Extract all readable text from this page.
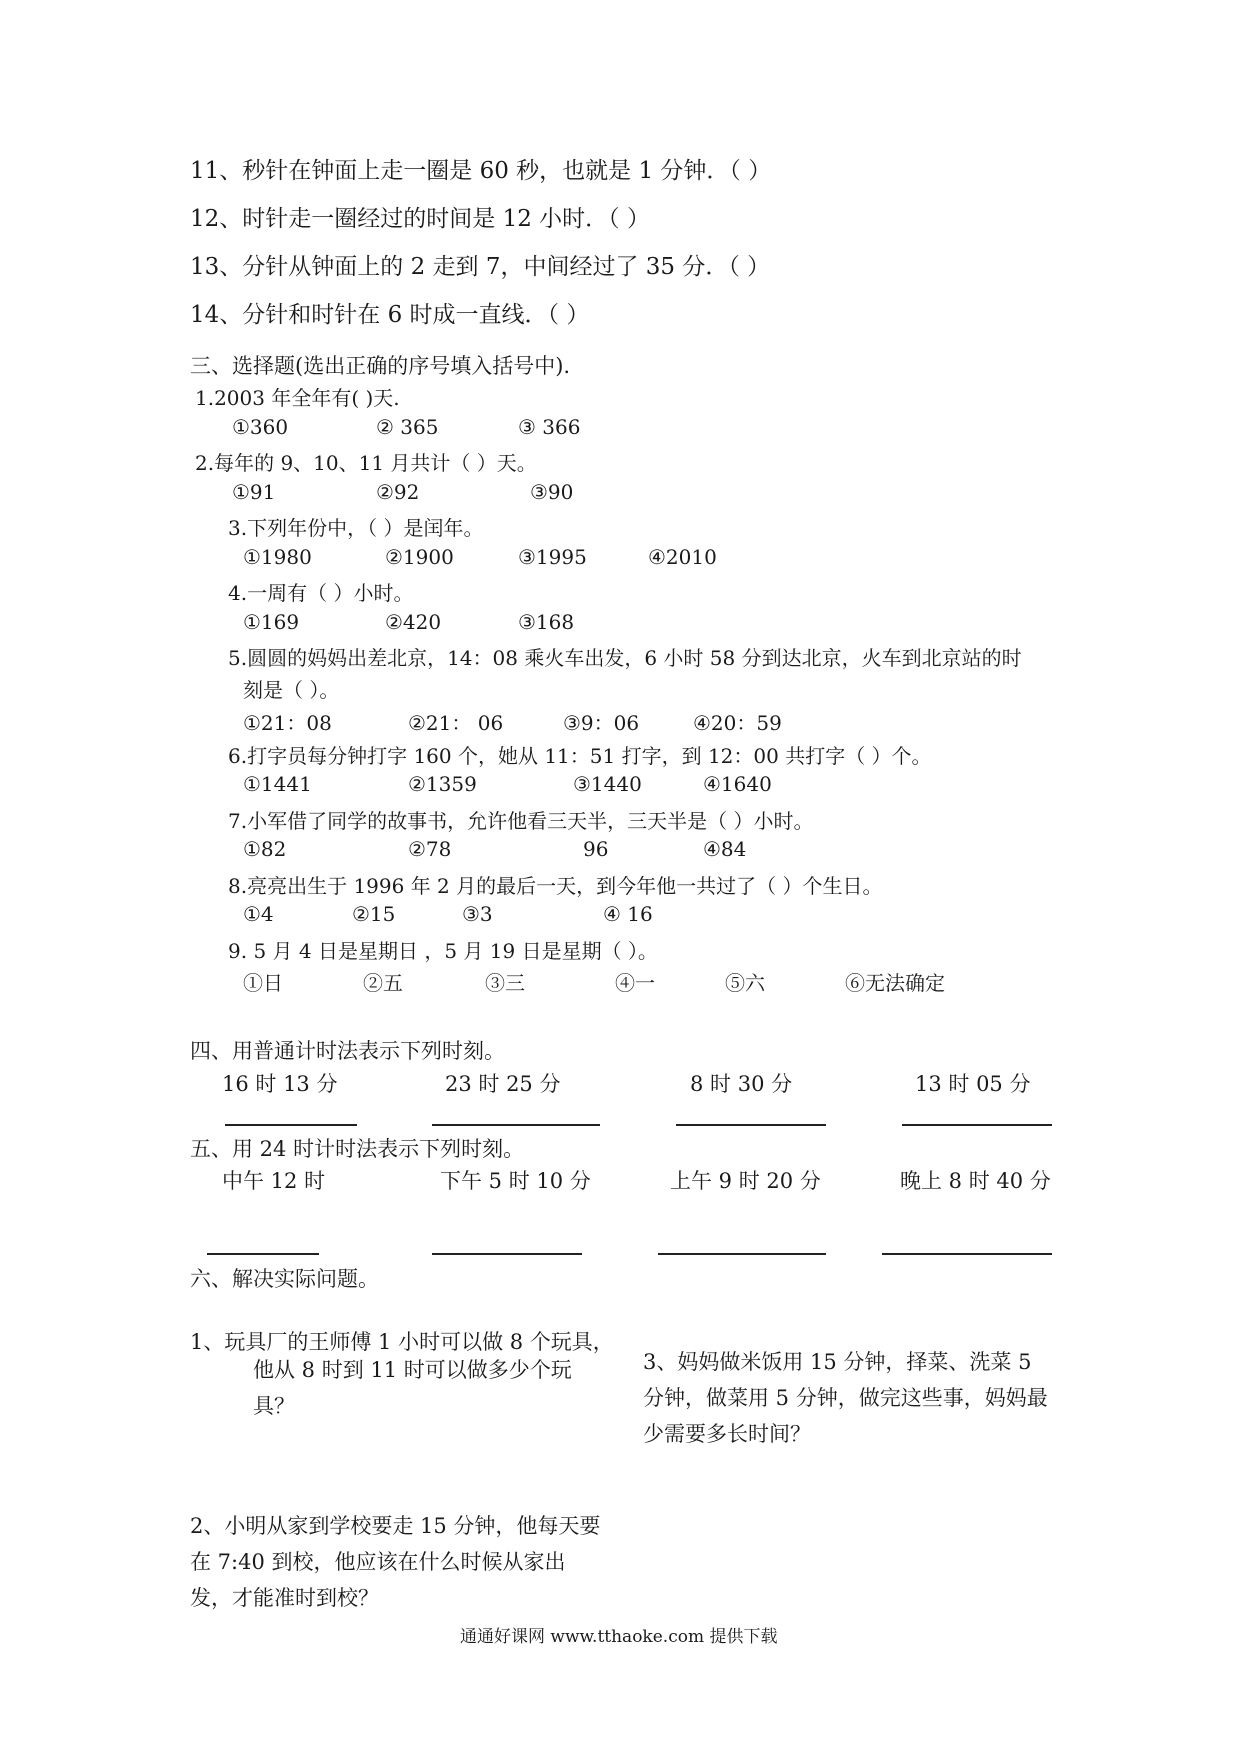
11、秒针在钟面上走一圈是 60 秒，也就是 1 分钟．（ ）
12、时针走一圈经过的时间是 12 小时．（ ）
13、分针从钟面上的 2 走到 7，中间经过了 35 分．（ ）
14、分针和时针在 6 时成一直线．（ ）
三、选择题(选出正确的序号填入括号中).
1.2003 年全年有( )天.
①360	② 365	③ 366
2.每年的 9、10、11 月共计（ ）天。
①91	②92	③90
3.下列年份中，（ ）是闰年。
①1980	②1900	③1995	④2010
4.一周有（ ）小时。
①169	②420	③168
5.圆圆的妈妈出差北京，14：08 乘火车出发，6 小时 58 分到达北京，火车到北京站的时
刻是（ ）。
①21：08	②21： 06	③9：06	④20：59
6.打字员每分钟打字 160 个，她从 11：51 打字，到 12：00 共打字（ ）个。
①1441	②1359	③1440	④1640
7.小军借了同学的故事书，允许他看三天半，三天半是（ ）小时。
①82	②78	96	④84
8.亮亮出生于 1996 年 2 月的最后一天，到今年他一共过了（ ）个生日。
①4	②15	③3	④ 16
9. 5 月 4 日是星期日 ，5 月 19 日是星期（ ）。
①日	②五	③三	④一	⑤六	⑥无法确定
四、用普通计时法表示下列时刻。
16 时 13 分	23 时 25 分	8 时 30 分	13 时 05 分
五、用 24 时计时法表示下列时刻。
中午 12 时	下午 5 时 10 分	上午 9 时 20 分	晚上 8 时 40 分
六、解决实际问题。
1、玩具厂的王师傅 1 小时可以做 8 个玩具，
他从 8 时到 11 时可以做多少个玩具？
3、妈妈做米饭用 15 分钟，择菜、洗菜 5 分钟，做菜用 5 分钟，做完这些事，妈妈最少需要多长时间？
2、小明从家到学校要走 15 分钟，他每天要在 7:40 到校，他应该在什么时候从家出发，才能准时到校？
通通好课网 www.tthaoke.com 提供下载
